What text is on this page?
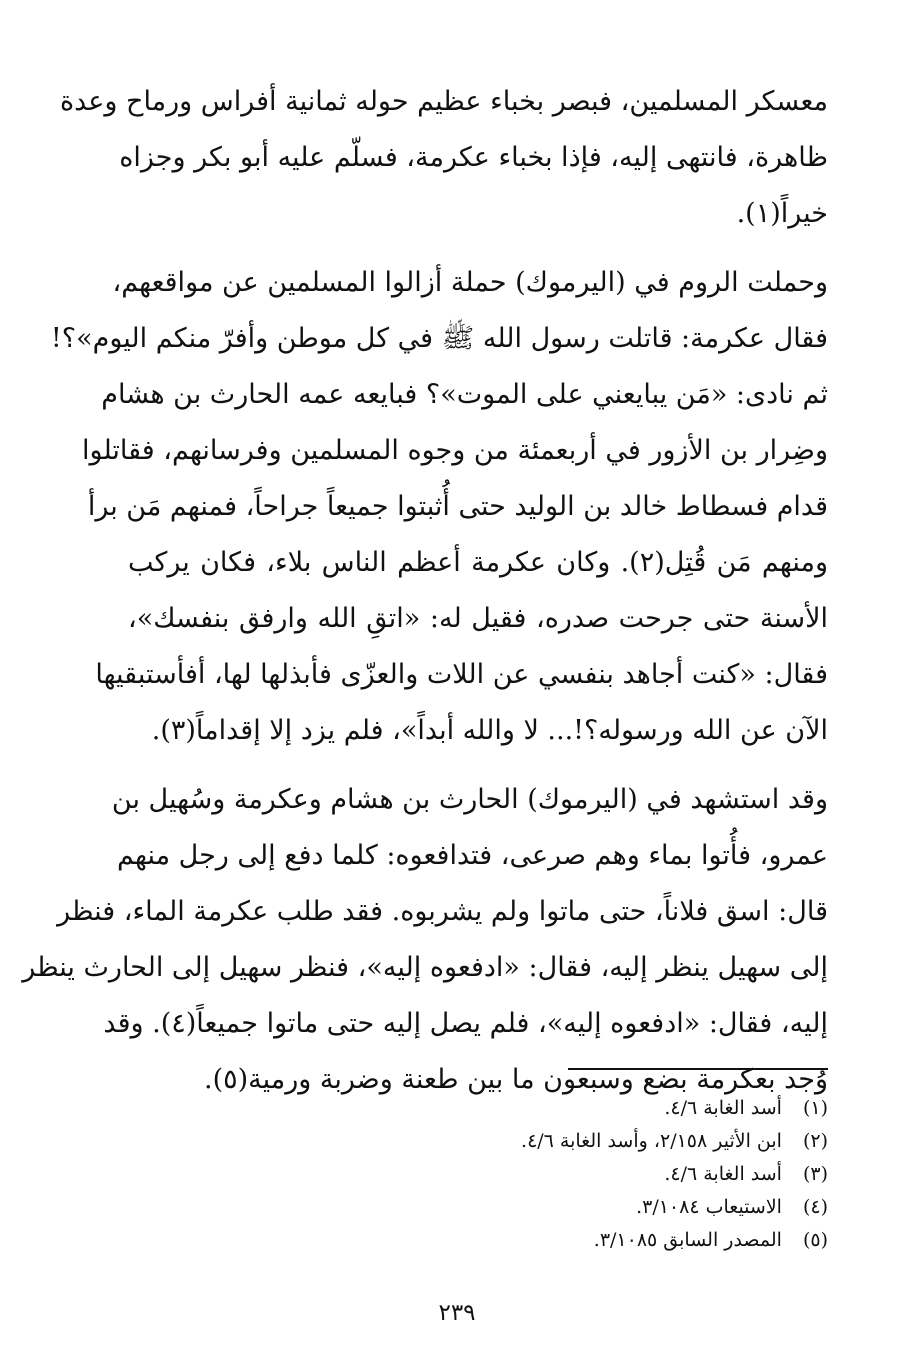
معسكر المسلمين، فبصر بخباء عظيم حوله ثمانية أفراس ورماح وعدة
ظاهرة، فانتهى إليه، فإذا بخباء عكرمة، فسلّم عليه أبو بكر وجزاه
خيراً(١).

وحملت الروم في (اليرموك) حملة أزالوا المسلمين عن مواقعهم،
فقال عكرمة: قاتلت رسول الله ﷺ في كل موطن وأفرّ منكم اليوم»؟!
ثم نادى: «مَن يبايعني على الموت»؟ فبايعه عمه الحارث بن هشام
وضِرار بن الأزور في أربعمئة من وجوه المسلمين وفرسانهم، فقاتلوا
قدام فسطاط خالد بن الوليد حتى أُثبتوا جميعاً جراحاً، فمنهم مَن برأ
ومنهم مَن قُتِل(٢). وكان عكرمة أعظم الناس بلاء، فكان يركب
الأسنة حتى جرحت صدره، فقيل له: «اتقِ الله وارفق بنفسك»،
فقال: «كنت أجاهد بنفسي عن اللات والعزّى فأبذلها لها، أفأستبقيها
الآن عن الله ورسوله؟!... لا والله أبداً»، فلم يزد إلا إقداماً(٣).

وقد استشهد في (اليرموك) الحارث بن هشام وعكرمة وسُهيل بن
عمرو، فأُتوا بماء وهم صرعى، فتدافعوه: كلما دفع إلى رجل منهم
قال: اسق فلاناً، حتى ماتوا ولم يشربوه. فقد طلب عكرمة الماء، فنظر
إلى سهيل ينظر إليه، فقال: «ادفعوه إليه»، فنظر سهيل إلى الحارث ينظر
إليه، فقال: «ادفعوه إليه»، فلم يصل إليه حتى ماتوا جميعاً(٤). وقد
وُجد بعكرمة بضع وسبعون ما بين طعنة وضربة ورمية(٥).

(١) أسد الغابة ٤/٦.
(٢) ابن الأثير ٢/١٥٨، وأسد الغابة ٤/٦.
(٣) أسد الغابة ٤/٦.
(٤) الاستيعاب ٣/١٠٨٤.
(٥) المصدر السابق ٣/١٠٨٥.
٢٣٩
